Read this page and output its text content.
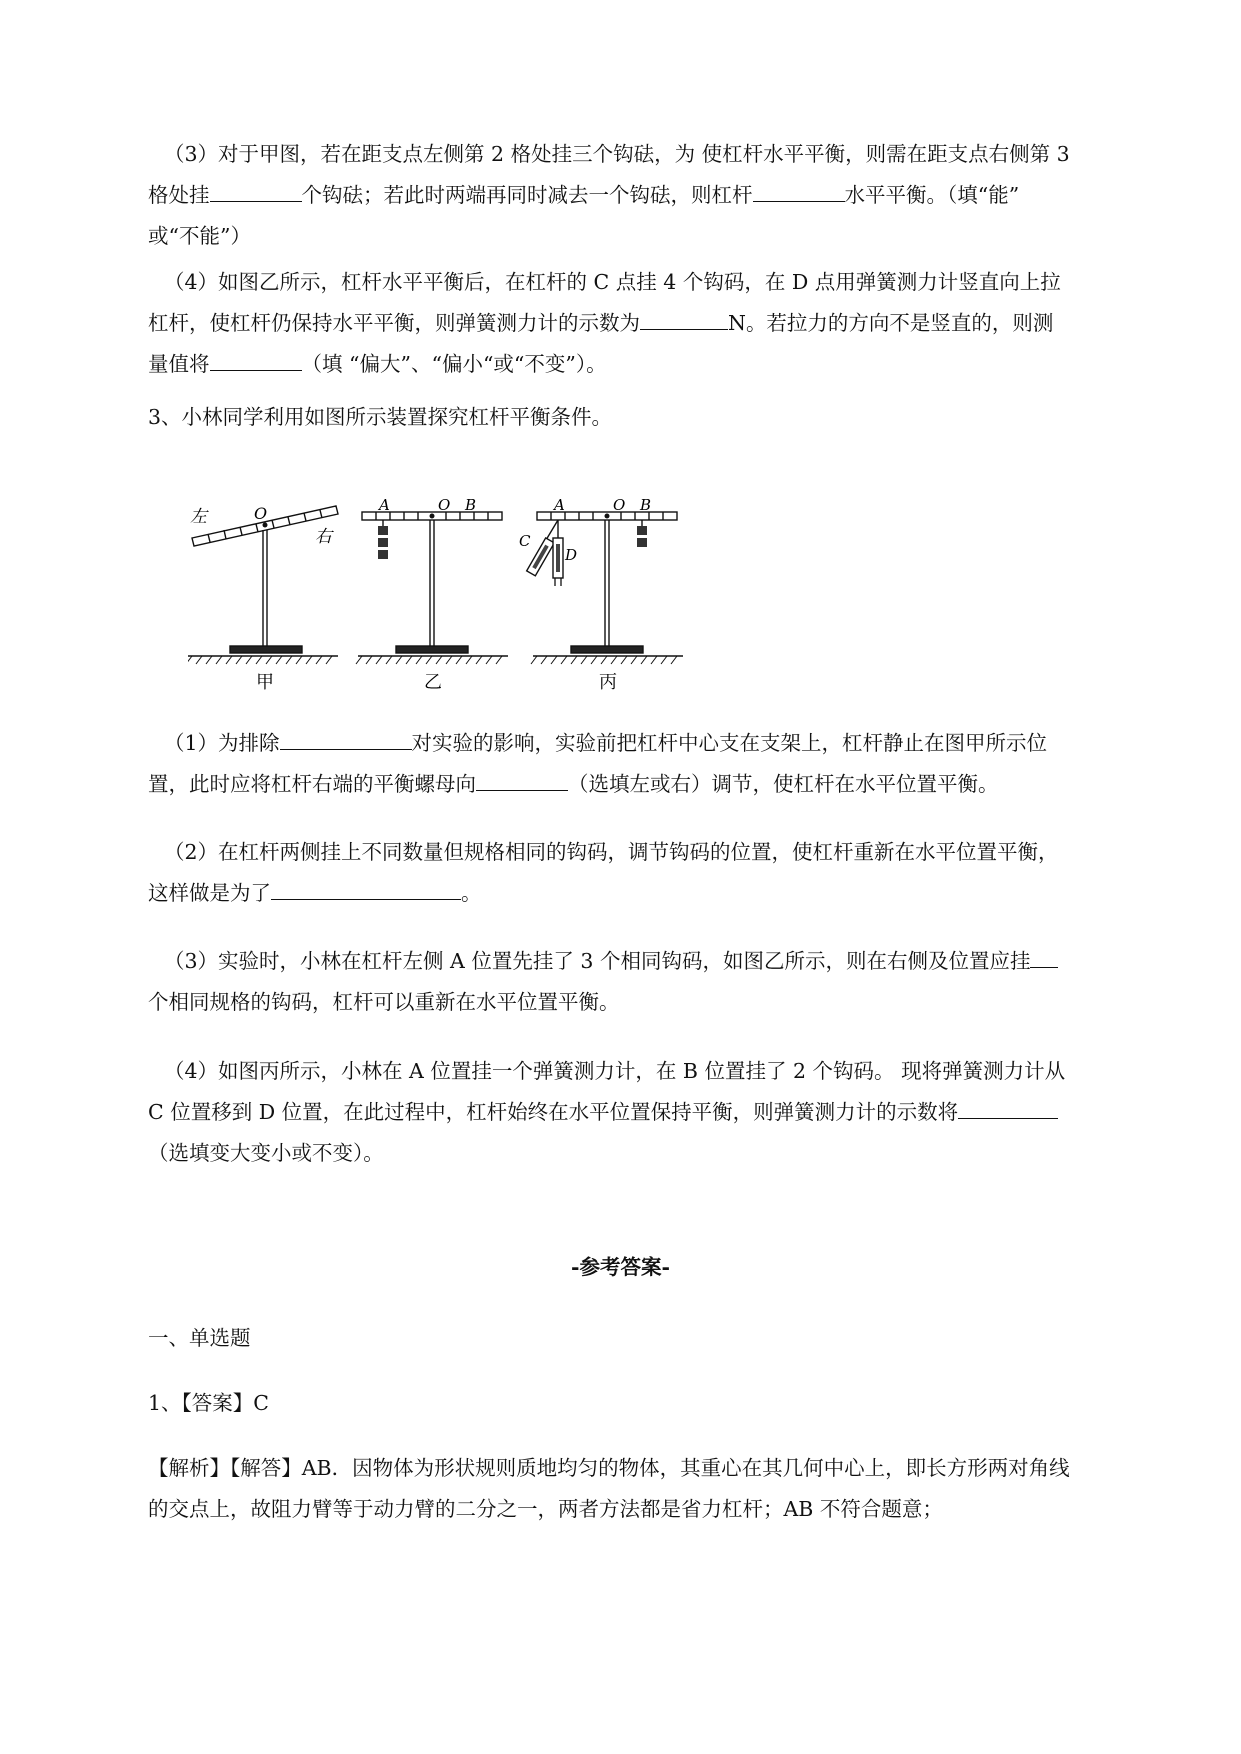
（3）对于甲图，若在距支点左侧第 2 格处挂三个钩砝，为 使杠杆水平平衡，则需在距支点右侧第 3
格处挂	个钩砝；若此时两端再同时减去一个钩砝，则杠杆	水平平衡。（填“能”
或“不能”）
（4）如图乙所示，杠杆水平平衡后，在杠杆的 C 点挂 4 个钩码，在 D 点用弹簧测力计竖直向上拉
杠杆，使杠杆仍保持水平平衡，则弹簧测力计的示数为	N。若拉力的方向不是竖直的，则测
量值将	（填 “偏大”、“偏小“或“不变”）。
3、小林同学利用如图所示装置探究杠杆平衡条件。
左
右
O
甲
A	O B
乙
A	O B
C
D
丙
（1）为排除	对实验的影响，实验前把杠杆中心支在支架上，杠杆静止在图甲所示位
置，此时应将杠杆右端的平衡螺母向	（选填左或右）调节，使杠杆在水平位置平衡。
（2）在杠杆两侧挂上不同数量但规格相同的钩码，调节钩码的位置，使杠杆重新在水平位置平衡，
这样做是为了	。
（3）实验时，小林在杠杆左侧 A 位置先挂了 3 个相同钩码，如图乙所示，则在右侧及位置应挂
个相同规格的钩码，杠杆可以重新在水平位置平衡。
（4）如图丙所示，小林在 A 位置挂一个弹簧测力计，在 B 位置挂了 2 个钩码。 现将弹簧测力计从
C 位置移到 D 位置，在此过程中，杠杆始终在水平位置保持平衡，则弹簧测力计的示数将
（选填变大变小或不变）。
-参考答案-
一、单选题
1、【答案】C
【解析】【解答】AB．因物体为形状规则质地均匀的物体，其重心在其几何中心上，即长方形两对角线
的交点上，故阻力臂等于动力臂的二分之一，两者方法都是省力杠杆；AB 不符合题意；
